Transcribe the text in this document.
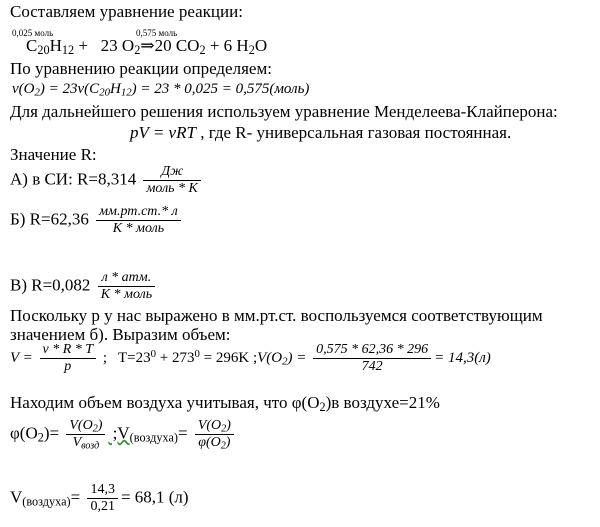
Составляем уравнение реакции:
0,025 моль	0,575 моль
$C_{20}H_{12} + 23$ $O_2\Rightarrow 20$ $CO_2 + 6$ $H_2O$
По уравнению реакции определяем:
$\nu(O_2) = 23\nu(C_{20}H_{12}) = 23 * 0,025$ = 0,575(моль)
Для дальнейшего решения используем уравнение Менделеева-Клайперона:
pV = νRT , где R- универсальная газовая постоянная.
Значение R:
А) в СИ: $R=8,314 \frac{Дж}{\text{моль * K}}$
Б) $R=62,36 \frac{мм.рт.ст.* л}{\text{K * моль}}$
В) $R=0,082 \frac{\text{л * атм.}}{\text{K * моль}}$
Поскольку р у нас выражено в мм.рт.ст. воспользуемся соответствующим
значением б). Выразим объем:
$V = \frac{\nu * R * T}{p}$ ;   $T=23^0 + 273^0 = 296K$ $;V(O_2) = \frac{0,575 * 62,36 * 296}{742} = 14,3(л)$
Находим объем воздуха учитывая, что $\varphi(O_2)в$ воздухе=21%
$\varphi(O_2)= \frac{V(O_2)}{V_{возд}}$ $;V_{(воздуха)}= \frac{V(O_2)}{\varphi(O_2)}$
$V_{(воздуха)}= \frac{14,3}{0,21} = 68,1$ (л)
